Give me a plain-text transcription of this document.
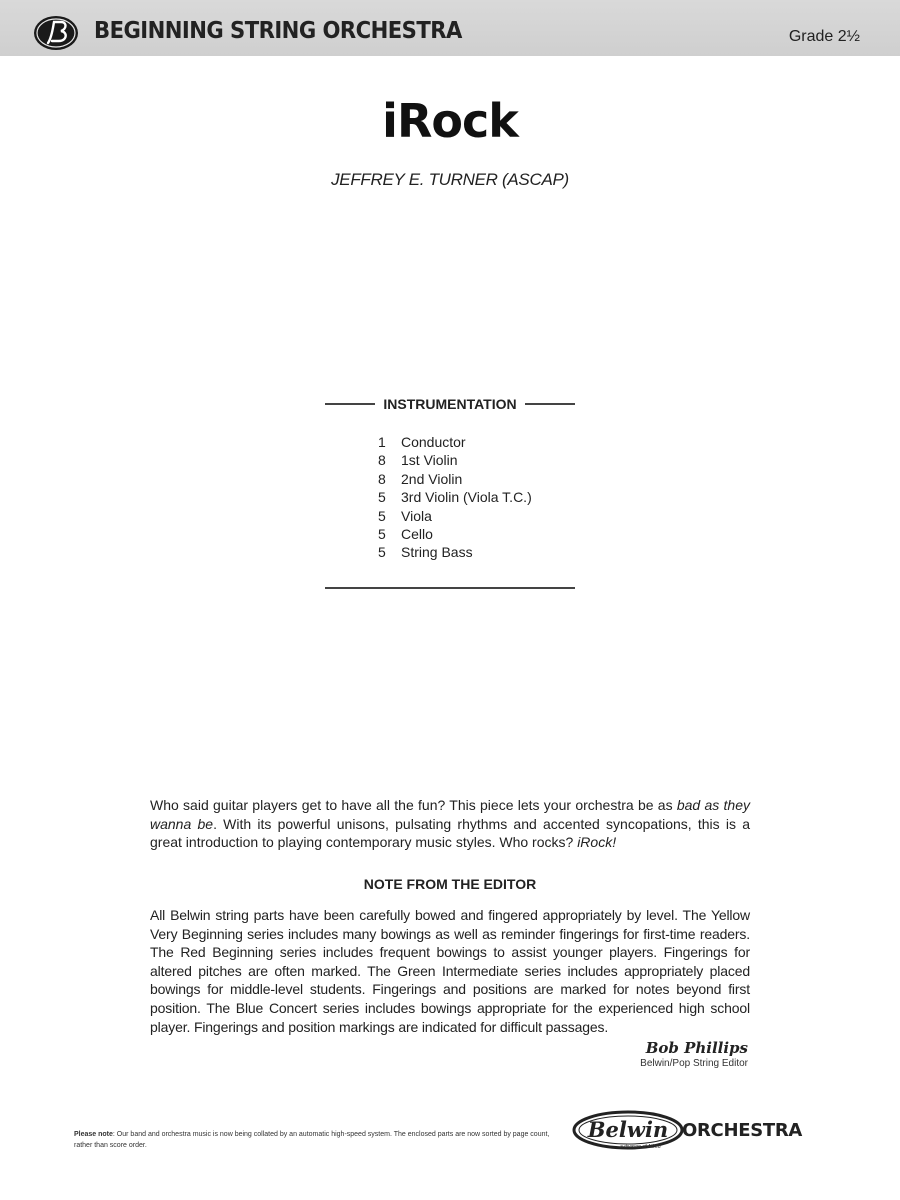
BEGINNING STRING ORCHESTRA	Grade 2½
iRock
JEFFREY E. TURNER (ASCAP)
INSTRUMENTATION
1	Conductor
8	1st Violin
8	2nd Violin
5	3rd Violin (Viola T.C.)
5	Viola
5	Cello
5	String Bass

Who said guitar players get to have all the fun? This piece lets your orchestra be as bad as they wanna be. With its powerful unisons, pulsating rhythms and accented syncopations, this is a great introduction to playing contemporary music styles. Who rocks? iRock!

NOTE FROM THE EDITOR

All Belwin string parts have been carefully bowed and fingered appropriately by level. The Yellow Very Beginning series includes many bowings as well as reminder fingerings for first-time readers. The Red Beginning series includes frequent bowings to assist younger players. Fingerings for altered pitches are often marked. The Green Intermediate series includes appropriately placed bowings for middle-level students. Fingerings and positions are marked for notes beyond first position. The Blue Concert series includes bowings appropriate for the experienced high school player. Fingerings and position markings are indicated for difficult passages.

Bob Phillips
Belwin/Pop String Editor
Please note: Our band and orchestra music is now being collated by an automatic high-speed system. The enclosed parts are now sorted by page count, rather than score order.
Belwin ORCHESTRA
a division of Alfred
